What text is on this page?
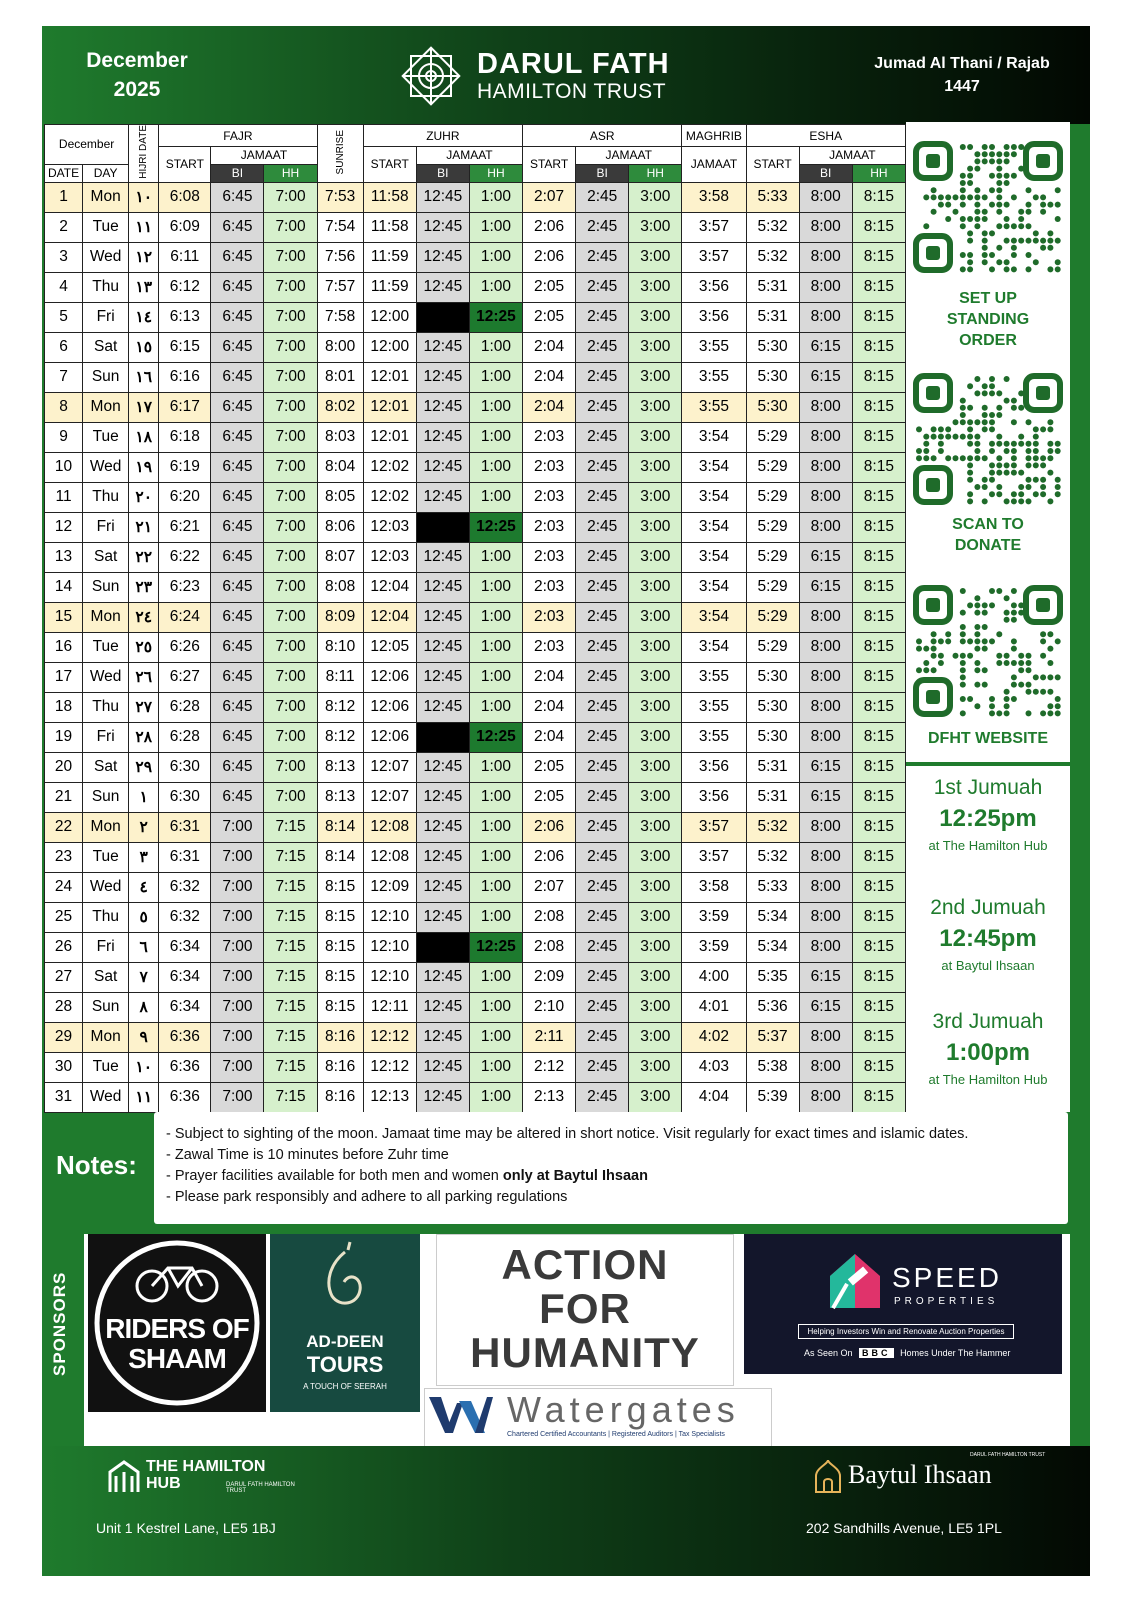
December
2025
DARUL FATH
HAMILTON TRUST
Jumad Al Thani / Rajab
1447
December		HIJRI DATE	FAJR			SUNRISE	ZUHR			ASR			MAGHRIB	ESHA		
			START	JAMAAT			START	JAMAAT		START	JAMAAT		JAMAAT	START	JAMAAT	
DATE	DAY			BI	HH			BI	HH		BI	HH			BI	HH
1	Mon	١٠	6:08	6:45	7:00	7:53	11:58	12:45	1:00	2:07	2:45	3:00	3:58	5:33	8:00	8:15
2	Tue	١١	6:09	6:45	7:00	7:54	11:58	12:45	1:00	2:06	2:45	3:00	3:57	5:32	8:00	8:15
3	Wed	١٢	6:11	6:45	7:00	7:56	11:59	12:45	1:00	2:06	2:45	3:00	3:57	5:32	8:00	8:15
4	Thu	١٣	6:12	6:45	7:00	7:57	11:59	12:45	1:00	2:05	2:45	3:00	3:56	5:31	8:00	8:15
5	Fri	١٤	6:13	6:45	7:00	7:58	12:00	12:45	12:25	2:05	2:45	3:00	3:56	5:31	8:00	8:15
6	Sat	١٥	6:15	6:45	7:00	8:00	12:00	12:45	1:00	2:04	2:45	3:00	3:55	5:30	6:15	8:15
7	Sun	١٦	6:16	6:45	7:00	8:01	12:01	12:45	1:00	2:04	2:45	3:00	3:55	5:30	6:15	8:15
8	Mon	١٧	6:17	6:45	7:00	8:02	12:01	12:45	1:00	2:04	2:45	3:00	3:55	5:30	8:00	8:15
9	Tue	١٨	6:18	6:45	7:00	8:03	12:01	12:45	1:00	2:03	2:45	3:00	3:54	5:29	8:00	8:15
10	Wed	١٩	6:19	6:45	7:00	8:04	12:02	12:45	1:00	2:03	2:45	3:00	3:54	5:29	8:00	8:15
11	Thu	٢٠	6:20	6:45	7:00	8:05	12:02	12:45	1:00	2:03	2:45	3:00	3:54	5:29	8:00	8:15
12	Fri	٢١	6:21	6:45	7:00	8:06	12:03	12:45	12:25	2:03	2:45	3:00	3:54	5:29	8:00	8:15
13	Sat	٢٢	6:22	6:45	7:00	8:07	12:03	12:45	1:00	2:03	2:45	3:00	3:54	5:29	6:15	8:15
14	Sun	٢٣	6:23	6:45	7:00	8:08	12:04	12:45	1:00	2:03	2:45	3:00	3:54	5:29	6:15	8:15
15	Mon	٢٤	6:24	6:45	7:00	8:09	12:04	12:45	1:00	2:03	2:45	3:00	3:54	5:29	8:00	8:15
16	Tue	٢٥	6:26	6:45	7:00	8:10	12:05	12:45	1:00	2:03	2:45	3:00	3:54	5:29	8:00	8:15
17	Wed	٢٦	6:27	6:45	7:00	8:11	12:06	12:45	1:00	2:04	2:45	3:00	3:55	5:30	8:00	8:15
18	Thu	٢٧	6:28	6:45	7:00	8:12	12:06	12:45	1:00	2:04	2:45	3:00	3:55	5:30	8:00	8:15
19	Fri	٢٨	6:28	6:45	7:00	8:12	12:06	12:45	12:25	2:04	2:45	3:00	3:55	5:30	8:00	8:15
20	Sat	٢٩	6:30	6:45	7:00	8:13	12:07	12:45	1:00	2:05	2:45	3:00	3:56	5:31	6:15	8:15
21	Sun	١	6:30	6:45	7:00	8:13	12:07	12:45	1:00	2:05	2:45	3:00	3:56	5:31	6:15	8:15
22	Mon	٢	6:31	7:00	7:15	8:14	12:08	12:45	1:00	2:06	2:45	3:00	3:57	5:32	8:00	8:15
23	Tue	٣	6:31	7:00	7:15	8:14	12:08	12:45	1:00	2:06	2:45	3:00	3:57	5:32	8:00	8:15
24	Wed	٤	6:32	7:00	7:15	8:15	12:09	12:45	1:00	2:07	2:45	3:00	3:58	5:33	8:00	8:15
25	Thu	٥	6:32	7:00	7:15	8:15	12:10	12:45	1:00	2:08	2:45	3:00	3:59	5:34	8:00	8:15
26	Fri	٦	6:34	7:00	7:15	8:15	12:10	12:45	12:25	2:08	2:45	3:00	3:59	5:34	8:00	8:15
27	Sat	٧	6:34	7:00	7:15	8:15	12:10	12:45	1:00	2:09	2:45	3:00	4:00	5:35	6:15	8:15
28	Sun	٨	6:34	7:00	7:15	8:15	12:11	12:45	1:00	2:10	2:45	3:00	4:01	5:36	6:15	8:15
29	Mon	٩	6:36	7:00	7:15	8:16	12:12	12:45	1:00	2:11	2:45	3:00	4:02	5:37	8:00	8:15
30	Tue	١٠	6:36	7:00	7:15	8:16	12:12	12:45	1:00	2:12	2:45	3:00	4:03	5:38	8:00	8:15
31	Wed	١١	6:36	7:00	7:15	8:16	12:13	12:45	1:00	2:13	2:45	3:00	4:04	5:39	8:00	8:15
SET UP
STANDING
ORDER
SCAN TO
DONATE
DFHT WEBSITE
1st Jumuah
12:25pm
at The Hamilton Hub
2nd Jumuah
12:45pm
at Baytul Ihsaan
3rd Jumuah
1:00pm
at The Hamilton Hub
Notes:
- Subject to sighting of the moon. Jamaat time may be altered in short notice. Visit regularly for exact times and islamic dates.
- Zawal Time is 10 minutes before Zuhr time
- Prayer facilities available for both men and women only at Baytul Ihsaan
- Please park responsibly and adhere to all parking regulations
SPONSORS	RIDERS OF
SHAAM
AD-DEEN
TOURS
A TOUCH OF SEERAH
ACTION
FOR
HUMANITY
SPEED
PROPERTIES
Helping Investors Win and Renovate Auction Properties
As Seen On BBC Homes Under The Hammer
Watergates
Chartered Certified Accountants | Registered Auditors | Tax Specialists
THE HAMILTON
HUB	DARUL FATH HAMILTON TRUST
Unit 1 Kestrel Lane, LE5 1BJ
Baytul Ihsaan
DARUL FATH HAMILTON TRUST
202 Sandhills Avenue, LE5 1PL
